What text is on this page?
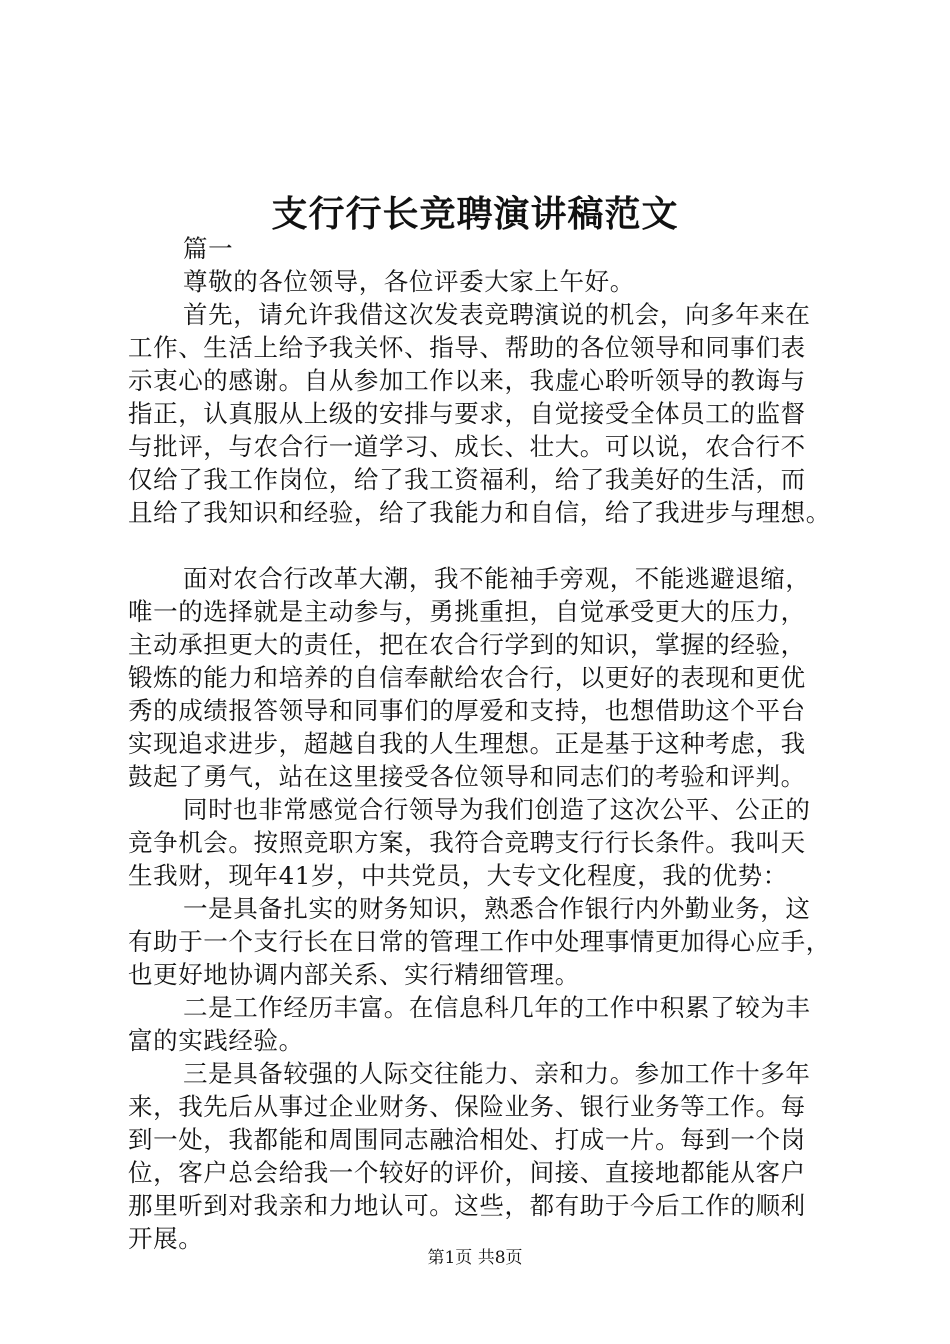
支行行长竞聘演讲稿范文
篇一
尊敬的各位领导，各位评委大家上午好。
首先，请允许我借这次发表竞聘演说的机会，向多年来在
工作、生活上给予我关怀、指导、帮助的各位领导和同事们表
示衷心的感谢。自从参加工作以来，我虚心聆听领导的教诲与
指正，认真服从上级的安排与要求，自觉接受全体员工的监督
与批评，与农合行一道学习、成长、壮大。可以说，农合行不
仅给了我工作岗位，给了我工资福利，给了我美好的生活，而
且给了我知识和经验，给了我能力和自信，给了我进步与理想。
面对农合行改革大潮，我不能袖手旁观，不能逃避退缩，
唯一的选择就是主动参与，勇挑重担，自觉承受更大的压力，
主动承担更大的责任，把在农合行学到的知识，掌握的经验，
锻炼的能力和培养的自信奉献给农合行，以更好的表现和更优
秀的成绩报答领导和同事们的厚爱和支持，也想借助这个平台
实现追求进步，超越自我的人生理想。正是基于这种考虑，我
鼓起了勇气，站在这里接受各位领导和同志们的考验和评判。
同时也非常感觉合行领导为我们创造了这次公平、公正的
竞争机会。按照竞职方案，我符合竞聘支行行长条件。我叫天
生我财，现年41岁，中共党员，大专文化程度，我的优势：
一是具备扎实的财务知识，熟悉合作银行内外勤业务，这
有助于一个支行长在日常的管理工作中处理事情更加得心应手，
也更好地协调内部关系、实行精细管理。
二是工作经历丰富。在信息科几年的工作中积累了较为丰
富的实践经验。
三是具备较强的人际交往能力、亲和力。参加工作十多年
来，我先后从事过企业财务、保险业务、银行业务等工作。每
到一处，我都能和周围同志融洽相处、打成一片。每到一个岗
位，客户总会给我一个较好的评价，间接、直接地都能从客户
那里听到对我亲和力地认可。这些，都有助于今后工作的顺利
开展。
第1页 共8页
